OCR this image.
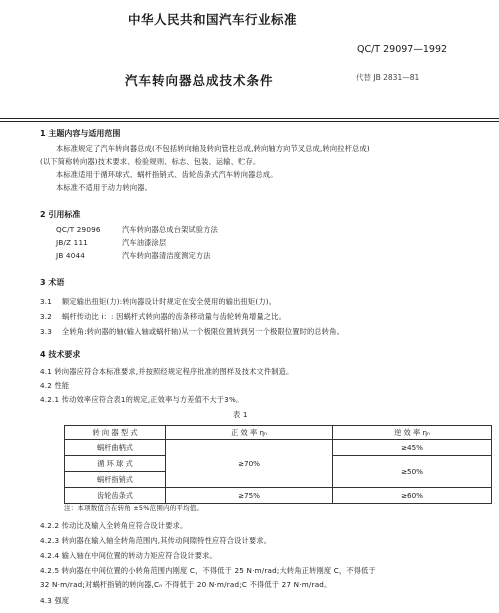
中华人民共和国汽车行业标准
QC/T 29097—1992
汽车转向器总成技术条件	代替 JB 2831—81
1 主题内容与适用范围
本标准规定了汽车转向器总成(不包括转向轴及转向管柱总成,转向轴方向节叉总成,转向拉杆总成)
(以下简称转向器)技术要求、检验规则、标志、包装、运输、贮存。
本标准适用于循环球式、蜗杆指销式、齿轮齿条式汽车转向器总成。
本标准不适用于动力转向器。
2 引用标准
QC/T 29096	汽车转向器总成台架试验方法
JB/Z 111	汽车油漆涂层
JB 4044	汽车转向器清洁度测定方法
3 术语
3.1 额定输出扭矩(力):转向器设计时规定在安全使用的输出扭矩(力)。
3.2 蜗杆传动比 i：: 因蜗杆式转向器的齿条移动量与齿轮转角增量之比。
3.3 全转角:转向器的轴(输入轴或蜗杆轴)从一个极限位置转到另一个极限位置时的总转角。
4 技术要求
4.1 转向器应符合本标准要求,并按照经规定程序批准的图样及技术文件制造。
4.2 性能
4.2.1 传动效率应符合表1的规定,正效率与方差值不大于3%。
表 1
转 向 器 型 式	正 效 率 ηₙ	逆 效 率 ηₙ
蜗杆曲柄式	≥70%	≥45%
循 环 球 式		≥50%
蜗杆指销式		
齿轮齿条式	≥75%	≥60%
注：本项数值合在转角 ±5%范围内的平均值。
4.2.2 传动比及输入全转角应符合设计要求。
4.2.3 转向器在输入轴全转角范围内,其传动间隙特性应符合设计要求。
4.2.4 输入轴在中间位置的转动力矩应符合设计要求。
4.2.5 转向器在中间位置的小转角范围内刚度 C，不得低于 25 N·m/rad;大转角正转刚度 C，不得低于
32 N·m/rad;对蜗杆指销的转向器,Cₙ 不得低于 20 N·m/rad;C 不得低于 27 N·m/rad。
4.3 强度
